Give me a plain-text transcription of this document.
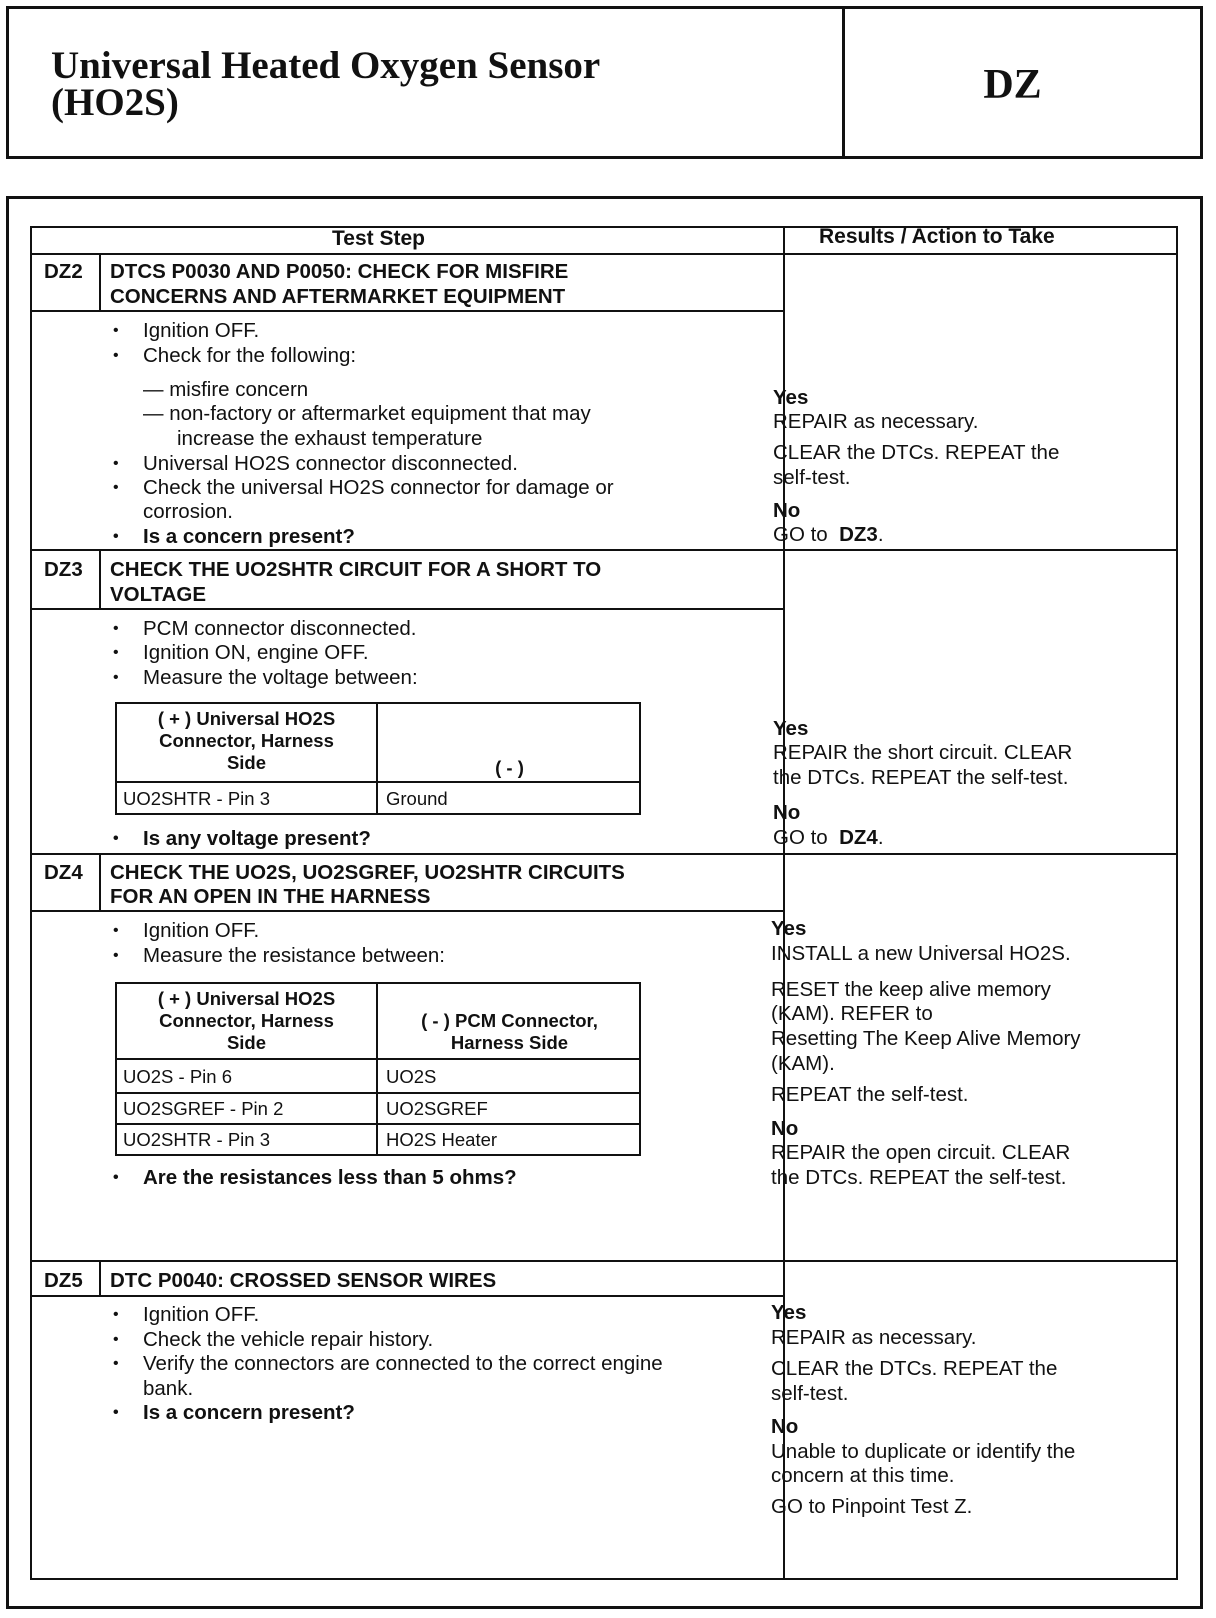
Universal Heated Oxygen Sensor
(HO2S)	DZ
Test Step	Results / Action to Take
DZ2 DTCS P0030 AND P0050: CHECK FOR MISFIRE
CONCERNS AND AFTERMARKET EQUIPMENT
• Ignition OFF.
• Check for the following:
— misfire concern
— non-factory or aftermarket equipment that may
increase the exhaust temperature
• Universal HO2S connector disconnected.
• Check the universal HO2S connector for damage or
corrosion.
• Is a concern present?
Yes
REPAIR as necessary.
CLEAR the DTCs. REPEAT the
self-test.
No
GO to DZ3.
DZ3 CHECK THE UO2SHTR CIRCUIT FOR A SHORT TO
VOLTAGE
• PCM connector disconnected.
• Ignition ON, engine OFF.
• Measure the voltage between:
( + ) Universal HO2S
Connector, Harness
Side	( - )
UO2SHTR - Pin 3	Ground
• Is any voltage present?
Yes
REPAIR the short circuit. CLEAR
the DTCs. REPEAT the self-test.
No
GO to DZ4.
DZ4 CHECK THE UO2S, UO2SGREF, UO2SHTR CIRCUITS
FOR AN OPEN IN THE HARNESS
• Ignition OFF.
• Measure the resistance between:
( + ) Universal HO2S
Connector, Harness
Side
( - ) PCM Connector,
Harness Side
UO2S - Pin 6	UO2S
UO2SGREF - Pin 2	UO2SGREF
UO2SHTR - Pin 3	HO2S Heater
• Are the resistances less than 5 ohms?
Yes
INSTALL a new Universal HO2S.
RESET the keep alive memory
(KAM). REFER to
Resetting The Keep Alive Memory
(KAM).
REPEAT the self-test.
No
REPAIR the open circuit. CLEAR
the DTCs. REPEAT the self-test.
DZ5 DTC P0040: CROSSED SENSOR WIRES
• Ignition OFF.
• Check the vehicle repair history.
• Verify the connectors are connected to the correct engine
bank.
• Is a concern present?
Yes
REPAIR as necessary.
CLEAR the DTCs. REPEAT the
self-test.
No
Unable to duplicate or identify the
concern at this time.
GO to Pinpoint Test Z.
